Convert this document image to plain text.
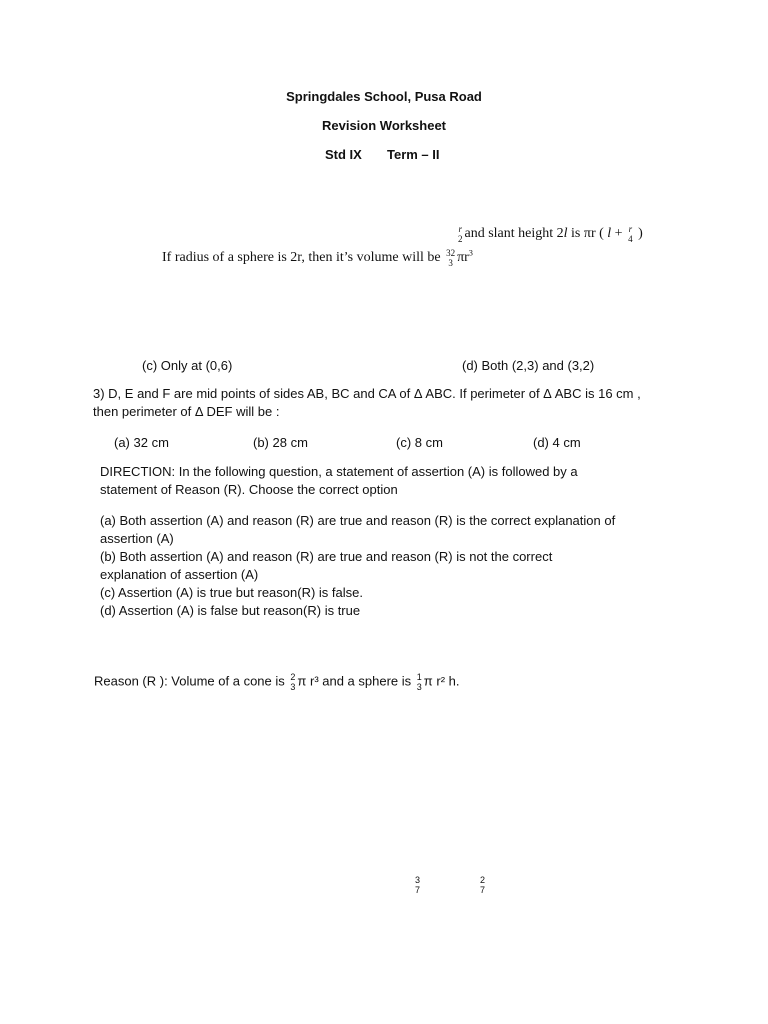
Springdales School, Pusa Road
Revision Worksheet
Std IX Term – II
r
2 and slant height 2l is πr ( l + r
4 )
If radius of a sphere is 2r, then it’s volume will be 32
3 $\pi r^3$
(c) Only at (0,6)	(d) Both (2,3) and (3,2)
3) D, E and F are mid points of sides AB, BC and CA of Δ ABC. If perimeter of Δ ABC is 16 cm ,
then perimeter of Δ DEF will be :
(a) 32 cm	(b) 28 cm	(c) 8 cm	(d) 4 cm
DIRECTION: In the following question, a statement of assertion (A) is followed by a
statement of Reason (R). Choose the correct option
(a) Both assertion (A) and reason (R) are true and reason (R) is the correct explanation of
assertion (A)
(b) Both assertion (A) and reason (R) are true and reason (R) is not the correct
explanation of assertion (A)
(c) Assertion (A) is true but reason(R) is false.
(d) Assertion (A) is false but reason(R) is true
Reason (R ): Volume of a cone is 2
3 π r³ and a sphere is 1
3 π r² h.
3
7
2
7
